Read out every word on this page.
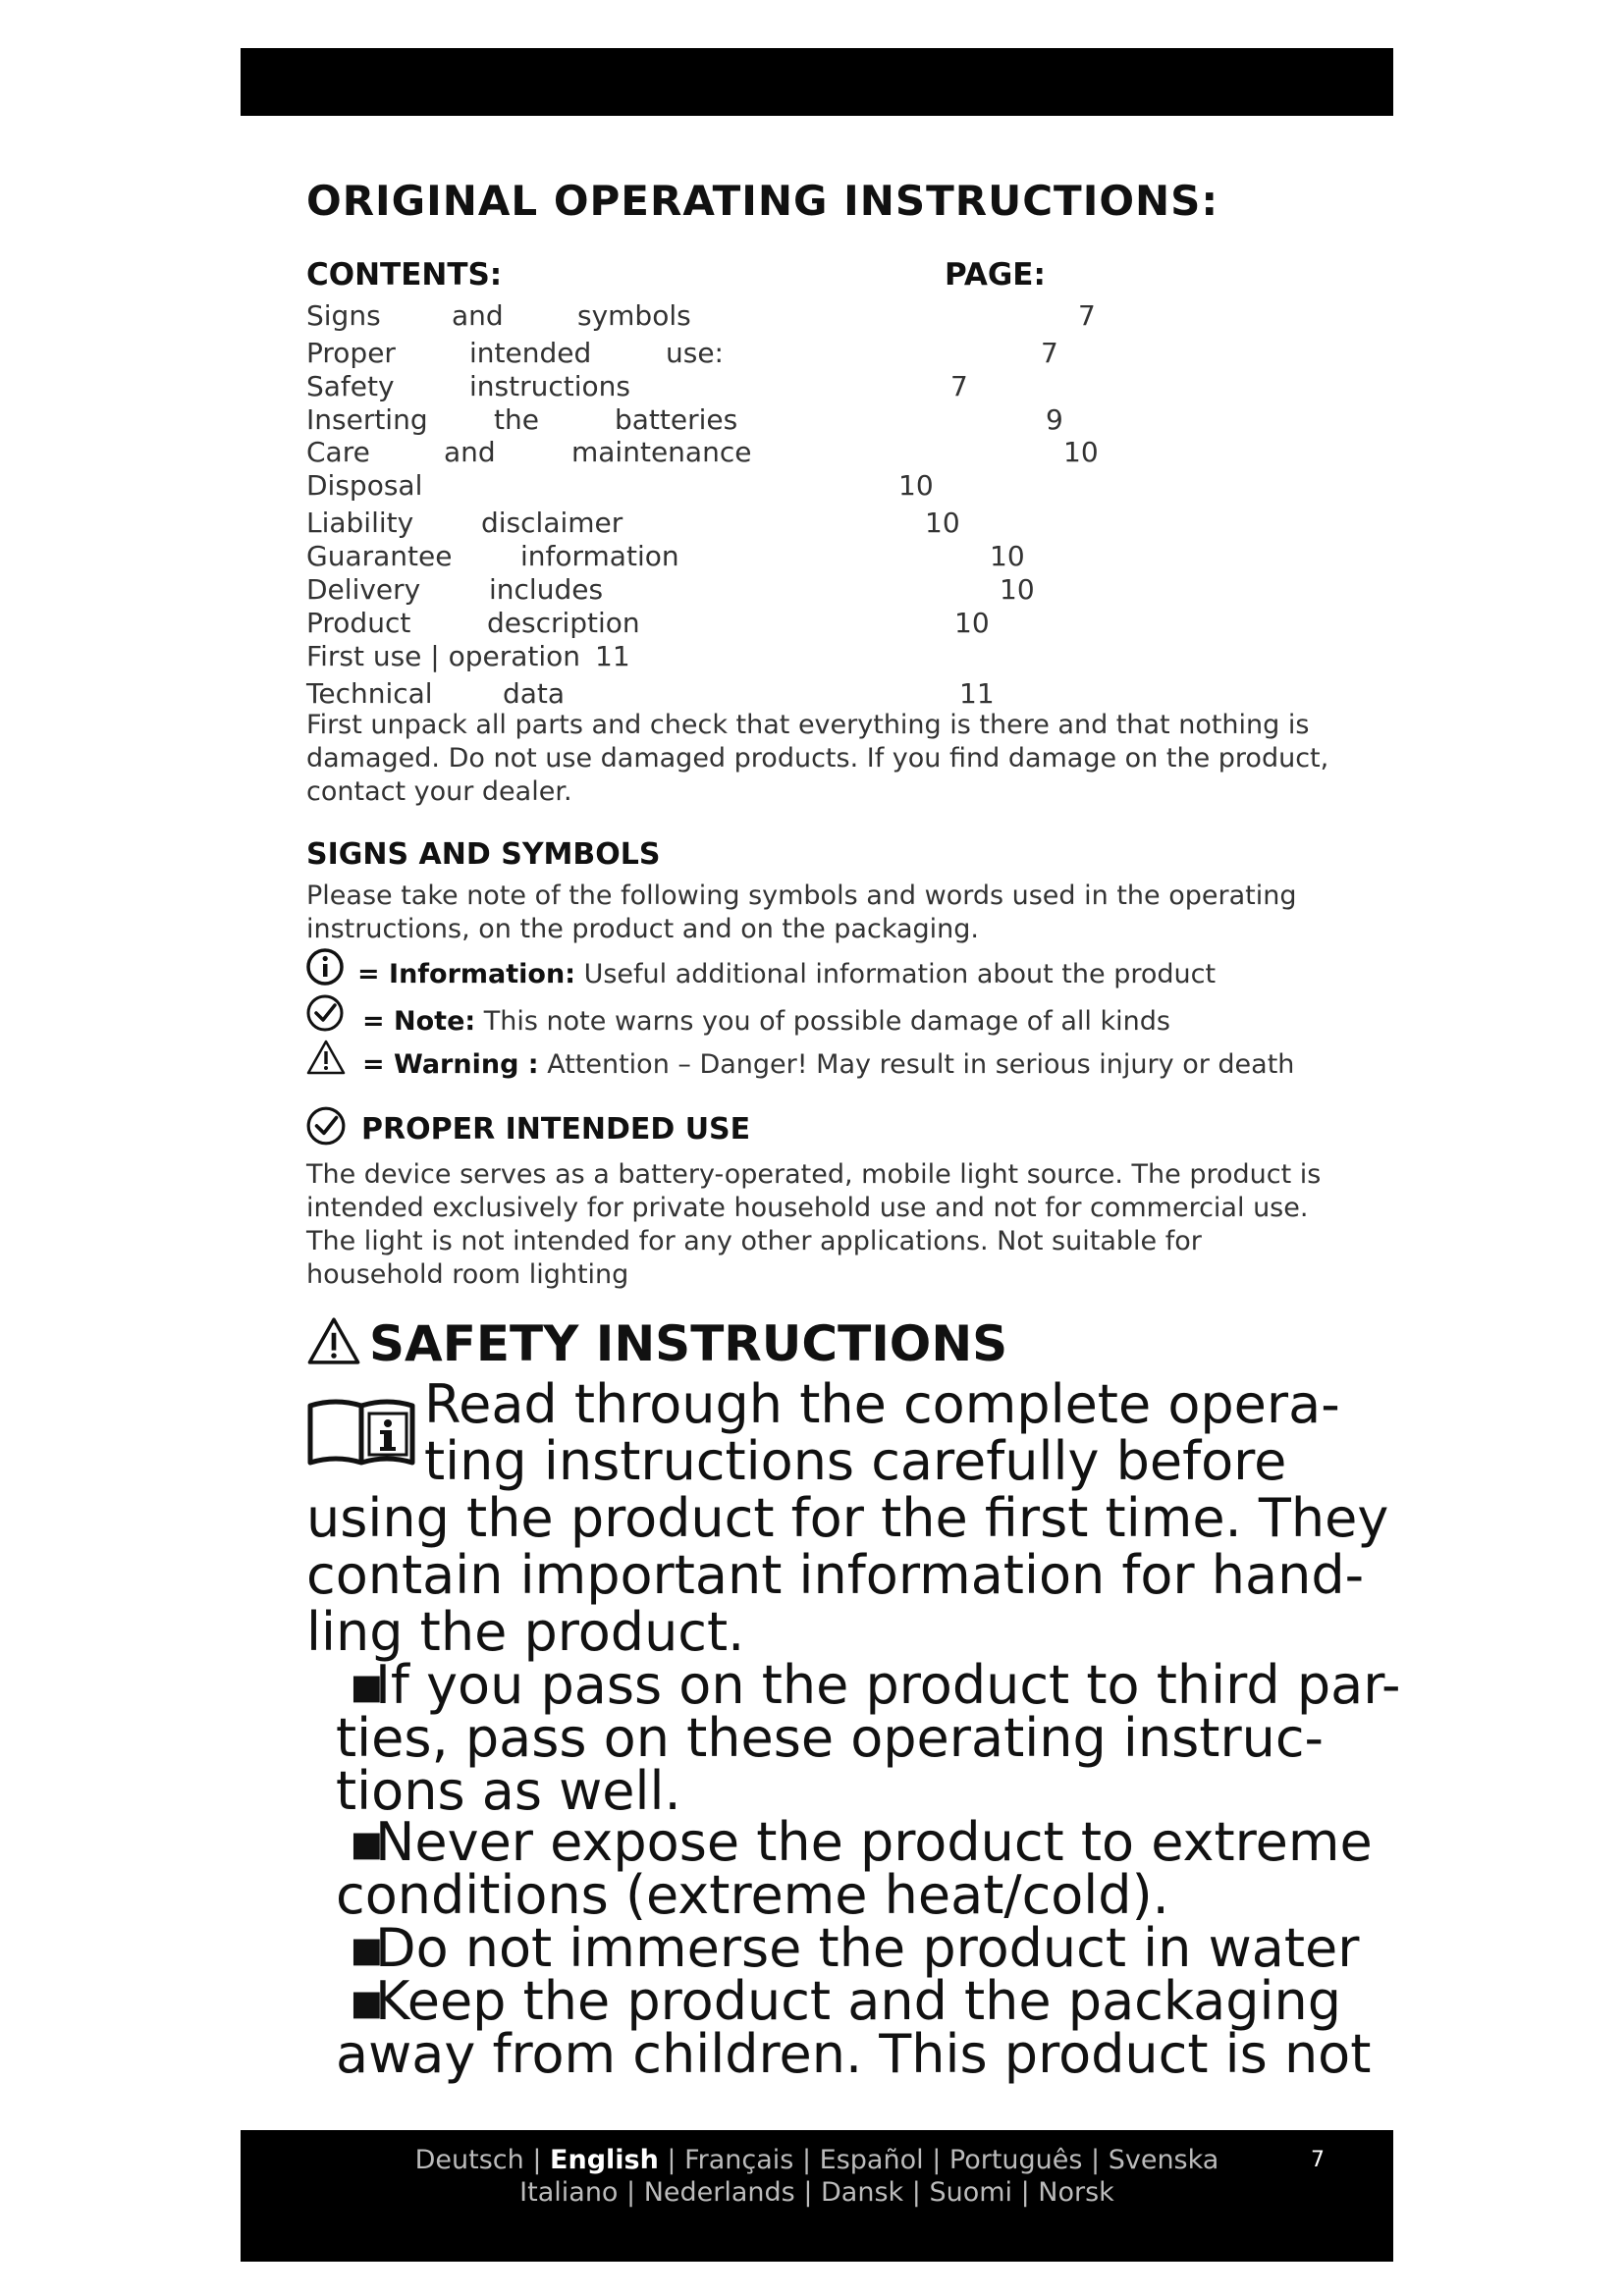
ORIGINAL OPERATING INSTRUCTIONS:
CONTENTS:	PAGE:
Signs	and	symbols	7
Proper	intended	use:	7
Safety	instructions	7
Inserting the	batteries	9
Care	and	maintenance	10
Disposal	10
Liability disclaimer	10
Guarantee information	10
Delivery includes	10
Product	description	10
First use | operation 11
Technical	data	11

First unpack all parts and check that everything is there and that nothing is damaged. Do not use damaged products. If you find damage on the product, contact your dealer.

SIGNS AND SYMBOLS

Please take note of the following symbols and words used in the operating instructions, on the product and on the packaging.

= Information: Useful additional information about the product
= Note: This note warns you of possible damage of all kinds
= Warning : Attention – Danger! May result in serious injury or death
PROPER INTENDED USE

The device serves as a battery-operated, mobile light source. The product is intended exclusively for private household use and not for commercial use. The light is not intended for any other applications. Not suitable for household room lighting

SAFETY INSTRUCTIONS

Read through the complete opera-

ting instructions carefully before

using the product for the first time. They

contain important information for hand-

ling the product.

▪
If you pass on the product to third par-
ties, pass on these operating instruc-
tions as well.
▪
Never expose the product to extreme
conditions (extreme heat/cold).
▪
Do not immerse the product in water
▪
Keep the product and the packaging
away from children. This product is not
Deutsch | English | Français | Español | Português | Svenska
Italiano | Nederlands | Dansk | Suomi | Norsk
7
